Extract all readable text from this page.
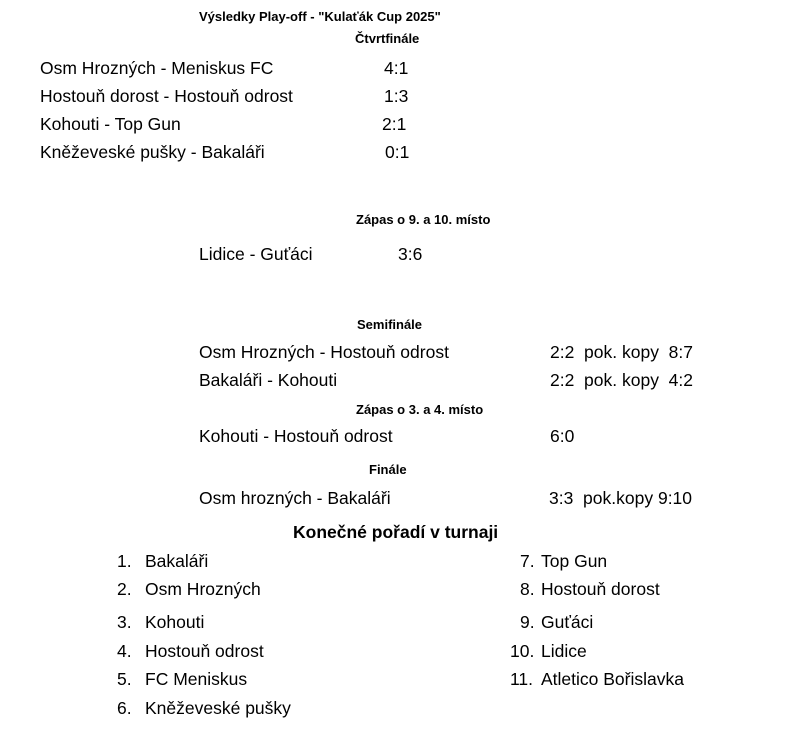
Výsledky Play-off - "Kulaťák Cup 2025"
Čtvrtfinále
Osm Hrozných - Meniskus FC	4:1
Hostouň dorost - Hostouň odrost	1:3
Kohouti - Top Gun	2:1
Kněževeské pušky - Bakaláři	0:1
Zápas o 9. a 10. místo
Lidice - Guťáci	3:6
Semifinále
Osm Hrozných - Hostouň odrost	2:2  pok. kopy  8:7
Bakaláři - Kohouti	2:2  pok. kopy  4:2
Zápas o 3. a 4. místo
Kohouti - Hostouň odrost	6:0
Finále
Osm hrozných - Bakaláři	3:3  pok.kopy 9:10
Konečné pořadí v turnaji
1. Bakaláři
2. Osm Hrozných
3. Kohouti
4. Hostouň odrost
5. FC Meniskus
6. Kněževeské pušky
7. Top Gun
8. Hostouň dorost
9. Guťáci
10. Lidice
11. Atletico Bořislavka
